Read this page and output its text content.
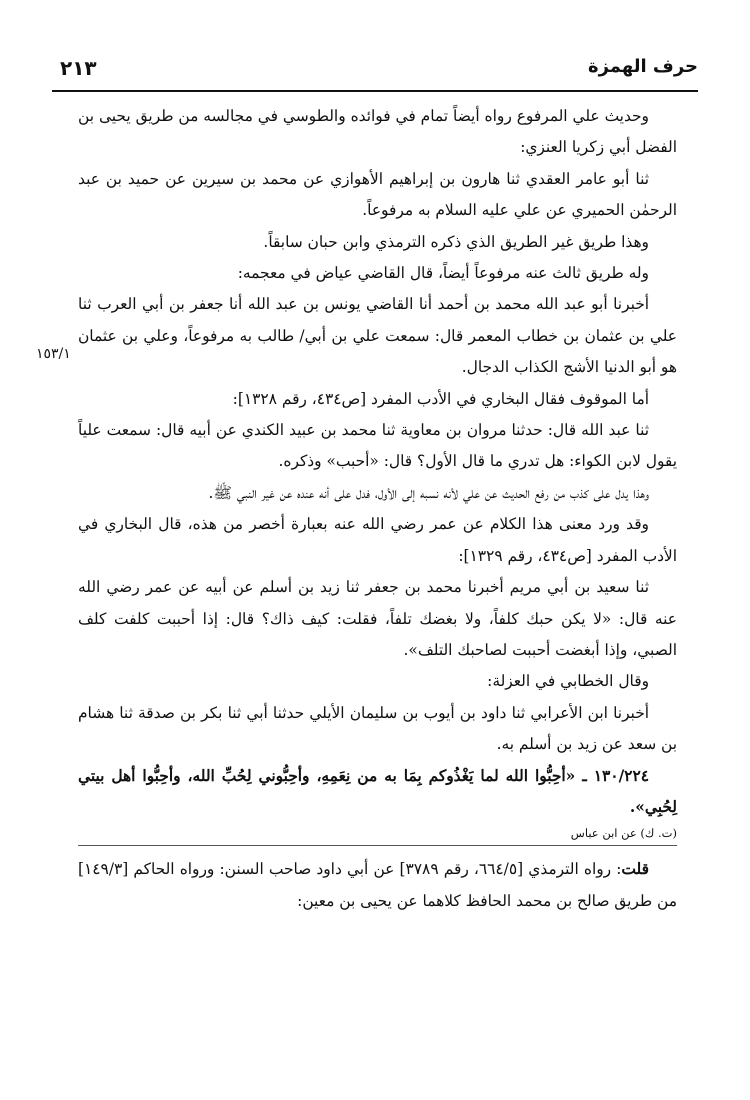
حرف الهمزة
٢١٣
١٥٣/١

وحديث علي المرفوع رواه أيضاً تمام في فوائده والطوسي في مجالسه من طريق يحيى بن الفضل أبي زكريا العنزي:

ثنا أبو عامر العقدي ثنا هارون بن إبراهيم الأهوازي عن محمد بن سيرين عن حميد بن عبد الرحمٰن الحميري عن علي عليه السلام به مرفوعاً.

وهذا طريق غير الطريق الذي ذكره الترمذي وابن حبان سابقاً.

وله طريق ثالث عنه مرفوعاً أيضاً، قال القاضي عياض في معجمه:

أخبرنا أبو عبد الله محمد بن أحمد أنا القاضي يونس بن عبد الله أنا جعفر بن أبي العرب ثنا علي بن عثمان بن خطاب المعمر قال: سمعت علي بن أبي/ طالب به مرفوعاً، وعلي بن عثمان هو أبو الدنيا الأشج الكذاب الدجال.

أما الموقوف فقال البخاري في الأدب المفرد [ص٤٣٤، رقم ١٣٢٨]:

ثنا عبد الله قال: حدثنا مروان بن معاوية ثنا محمد بن عبيد الكندي عن أبيه قال: سمعت علياً يقول لابن الكواء: هل تدري ما قال الأول؟ قال: «أحبب» وذكره.

وهذا يدل على كذب من رفع الحديث عن علي لأنه نسبه إلى الأول، فدل على أنه عنده عن غير النبي ﷺ.

وقد ورد معنى هذا الكلام عن عمر رضي الله عنه بعبارة أخصر من هذه، قال البخاري في الأدب المفرد [ص٤٣٤، رقم ١٣٢٩]:

ثنا سعيد بن أبي مريم أخبرنا محمد بن جعفر ثنا زيد بن أسلم عن أبيه عن عمر رضي الله عنه قال: «لا يكن حبك كلفاً، ولا بغضك تلفاً، فقلت: كيف ذاك؟ قال: إذا أحببت كلفت كلف الصبي، وإذا أبغضت أحببت لصاحبك التلف».

وقال الخطابي في العزلة:

أخبرنا ابن الأعرابي ثنا داود بن أيوب بن سليمان الأيلي حدثنا أبي ثنا بكر بن صدقة ثنا هشام بن سعد عن زيد بن أسلم به.

١٣٠/٢٢٤ ـ «أحِبُّوا الله لما يَغْذُوكم بِمَا به من نِعَمِهِ، وأحِبُّوني لِحُبِّ الله، وأحِبُّوا أهل بيتي لِحُبِي».

(ت. ك) عن ابن عباس

قلت: رواه الترمذي [٦٦٤/٥، رقم ٣٧٨٩] عن أبي داود صاحب السنن: ورواه الحاكم [١٤٩/٣] من طريق صالح بن محمد الحافظ كلاهما عن يحيى بن معين:
